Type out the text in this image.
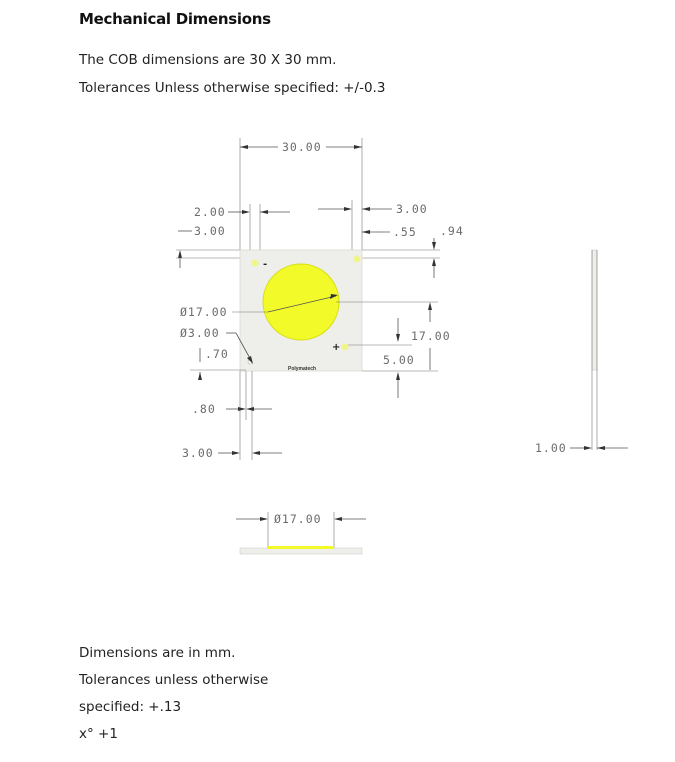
Mechanical Dimensions
The COB dimensions are 30 X 30 mm.
Tolerances Unless otherwise specified: +/-0.3
30.00
2.00
3.00
3.00
.55 .94
-
+
Polymatech
Ø17.00
Ø3.00
.70
17.00
5.00
.80
3.00	1.00
Ø17.00
Dimensions are in mm.
Tolerances unless otherwise
specified: +.13
x° +1
